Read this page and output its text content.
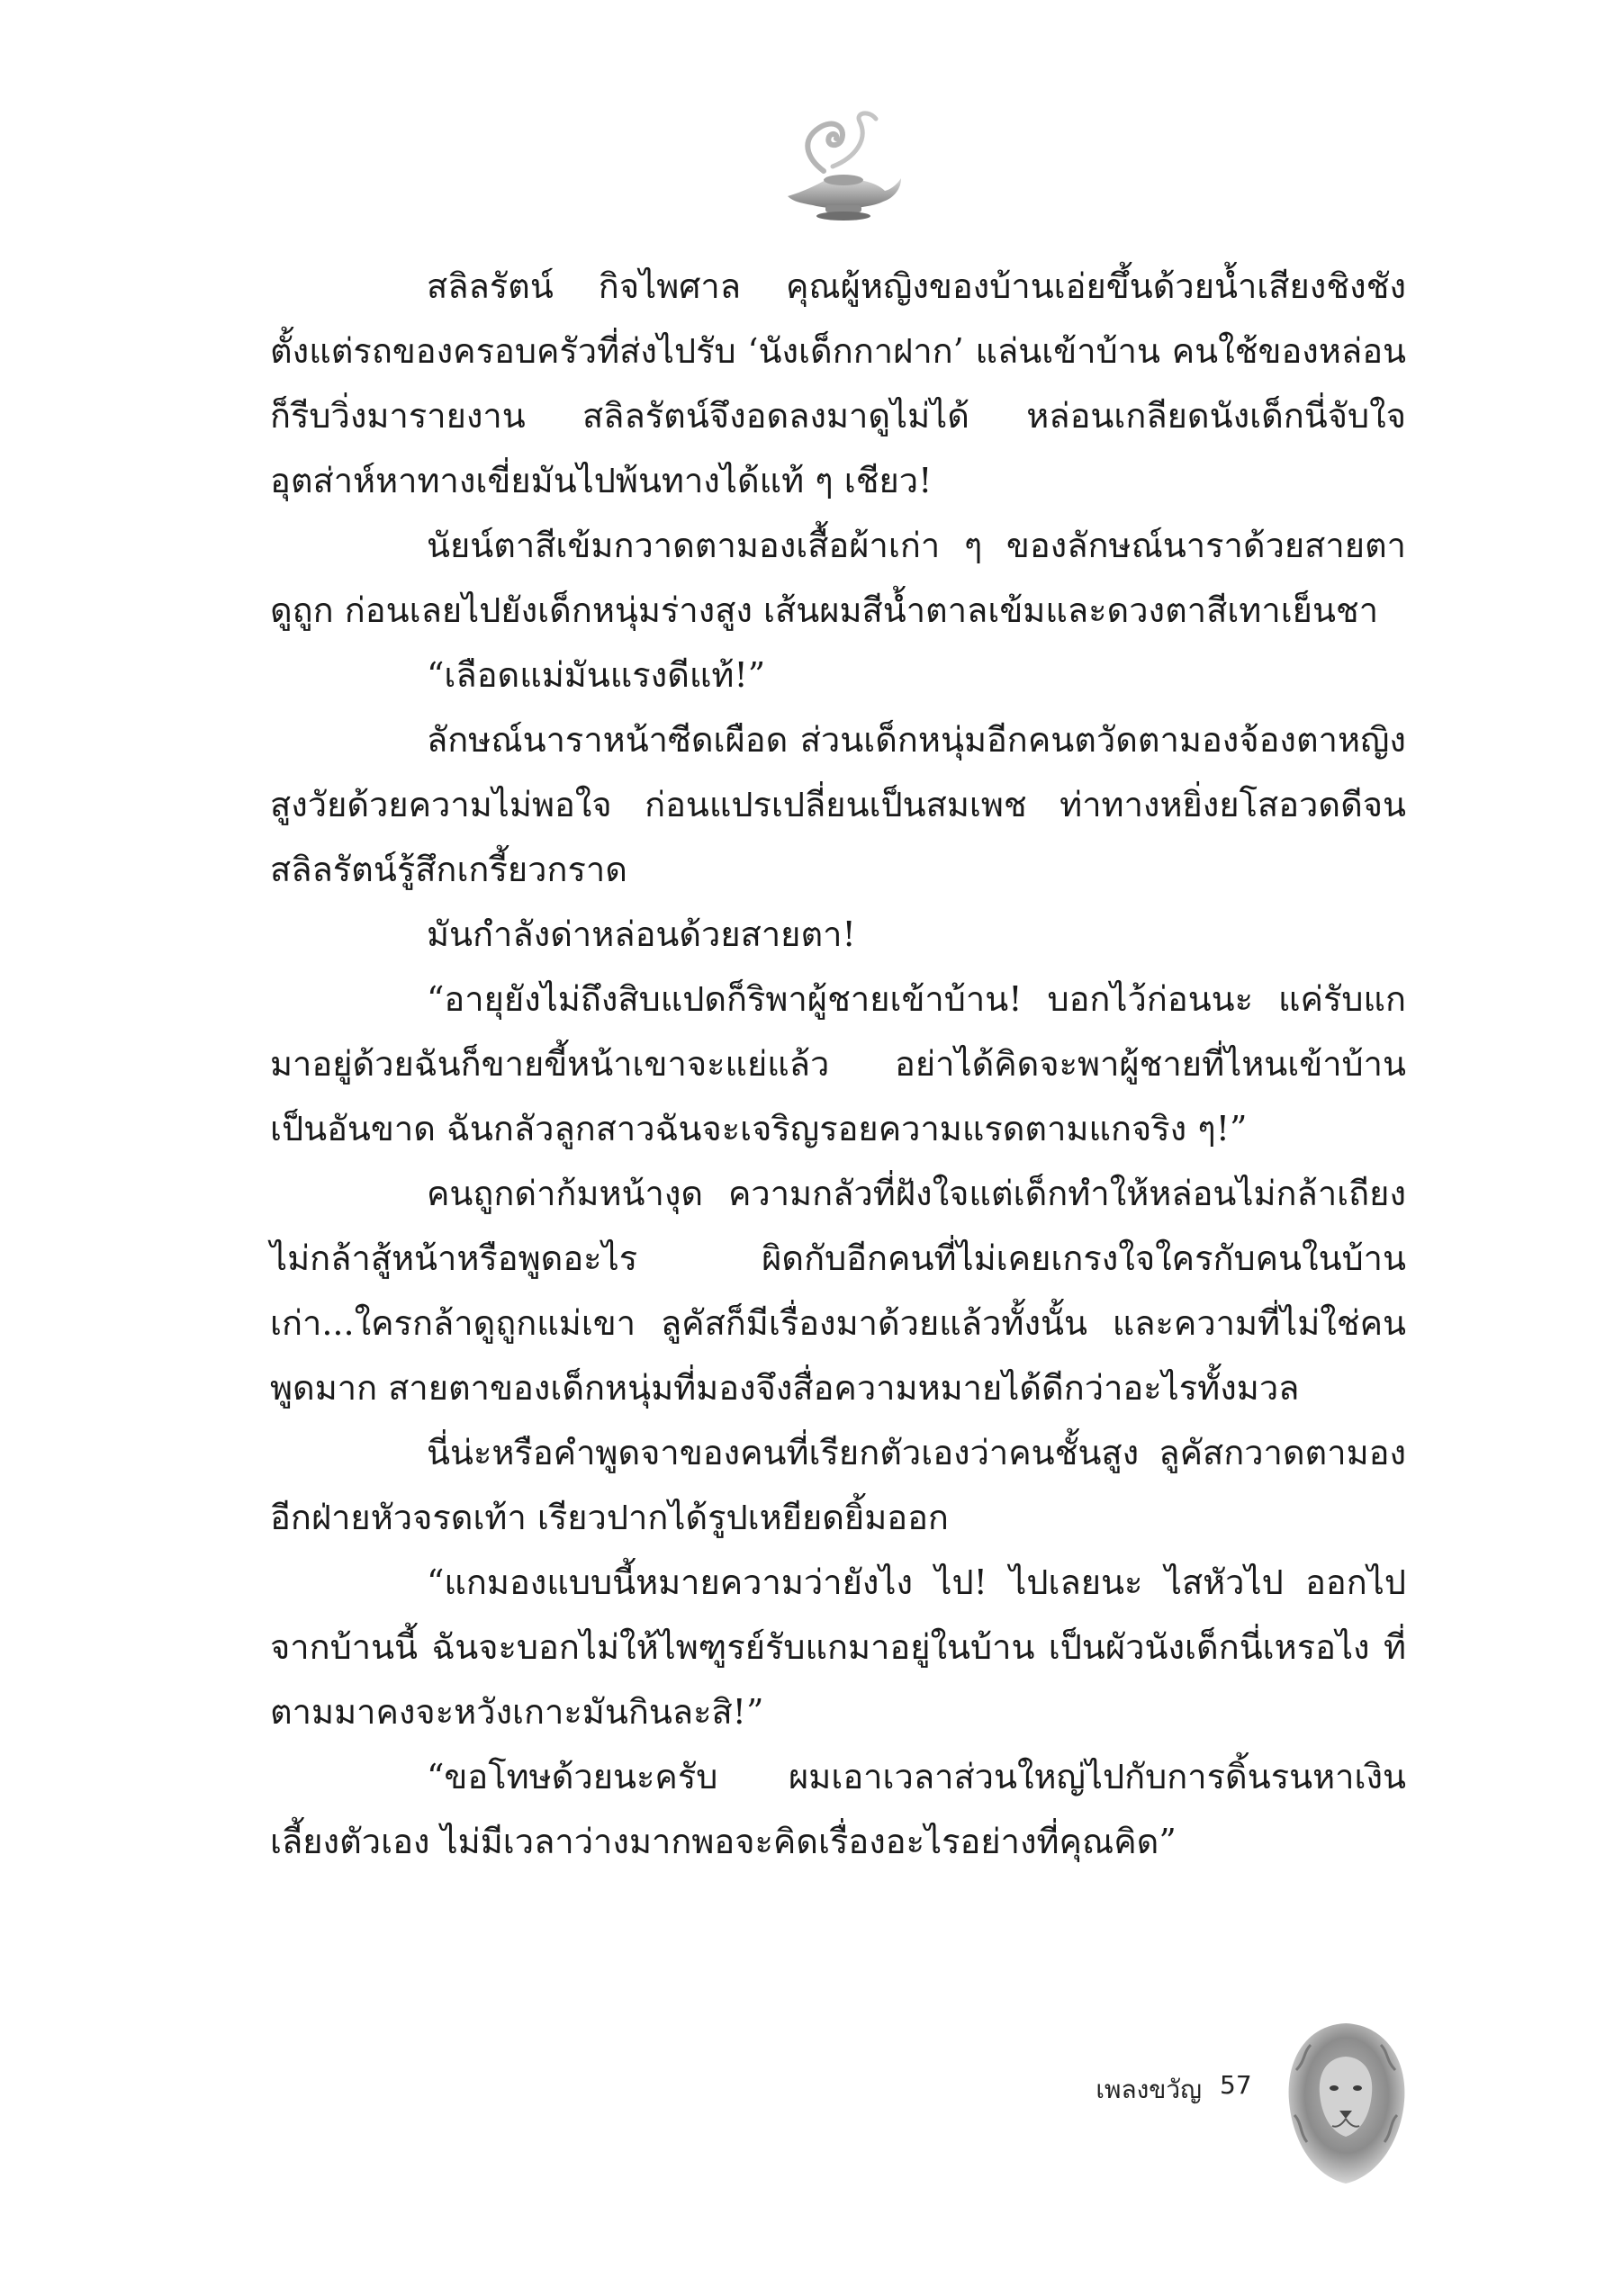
สลิลรัตน์ กิจไพศาล คุณผู้หญิงของบ้านเอ่ยขึ้นด้วยน้ำเสียงชิงชัง ตั้งแต่รถของครอบครัวที่ส่งไปรับ ‘นังเด็กกาฝาก’ แล่นเข้าบ้าน คนใช้ของหล่อนก็รีบวิ่งมารายงาน สลิลรัตน์จึงอดลงมาดูไม่ได้ หล่อนเกลียดนังเด็กนี่จับใจ อุตส่าห์หาทางเขี่ยมันไปพ้นทางได้แท้ ๆ เชียว!

นัยน์ตาสีเข้มกวาดตามองเสื้อผ้าเก่า ๆ ของลักษณ์นาราด้วยสายตาดูถูก ก่อนเลยไปยังเด็กหนุ่มร่างสูง เส้นผมสีน้ำตาลเข้มและดวงตาสีเทาเย็นชา

“เลือดแม่มันแรงดีแท้!”

ลักษณ์นาราหน้าซีดเผือด ส่วนเด็กหนุ่มอีกคนตวัดตามองจ้องตาหญิงสูงวัยด้วยความไม่พอใจ ก่อนแปรเปลี่ยนเป็นสมเพช ท่าทางหยิ่งยโสอวดดีจนสลิลรัตน์รู้สึกเกรี้ยวกราด

มันกำลังด่าหล่อนด้วยสายตา!

“อายุยังไม่ถึงสิบแปดก็ริพาผู้ชายเข้าบ้าน! บอกไว้ก่อนนะ แค่รับแกมาอยู่ด้วยฉันก็ขายขี้หน้าเขาจะแย่แล้ว อย่าได้คิดจะพาผู้ชายที่ไหนเข้าบ้านเป็นอันขาด ฉันกลัวลูกสาวฉันจะเจริญรอยความแรดตามแกจริง ๆ!”

คนถูกด่าก้มหน้างุด ความกลัวที่ฝังใจแต่เด็กทำให้หล่อนไม่กล้าเถียง ไม่กล้าสู้หน้าหรือพูดอะไร ผิดกับอีกคนที่ไม่เคยเกรงใจใครกับคนในบ้านเก่า...ใครกล้าดูถูกแม่เขา ลูคัสก็มีเรื่องมาด้วยแล้วทั้งนั้น และความที่ไม่ใช่คนพูดมาก สายตาของเด็กหนุ่มที่มองจึงสื่อความหมายได้ดีกว่าอะไรทั้งมวล

นี่น่ะหรือคำพูดจาของคนที่เรียกตัวเองว่าคนชั้นสูง ลูคัสกวาดตามองอีกฝ่ายหัวจรดเท้า เรียวปากได้รูปเหยียดยิ้มออก

“แกมองแบบนี้หมายความว่ายังไง ไป! ไปเลยนะ ไสหัวไป ออกไปจากบ้านนี้ ฉันจะบอกไม่ให้ไพฑูรย์รับแกมาอยู่ในบ้าน เป็นผัวนังเด็กนี่เหรอไง ที่ตามมาคงจะหวังเกาะมันกินละสิ!”

“ขอโทษด้วยนะครับ ผมเอาเวลาส่วนใหญ่ไปกับการดิ้นรนหาเงินเลี้ยงตัวเอง ไม่มีเวลาว่างมากพอจะคิดเรื่องอะไรอย่างที่คุณคิด”

เพลงขวัญ 57
